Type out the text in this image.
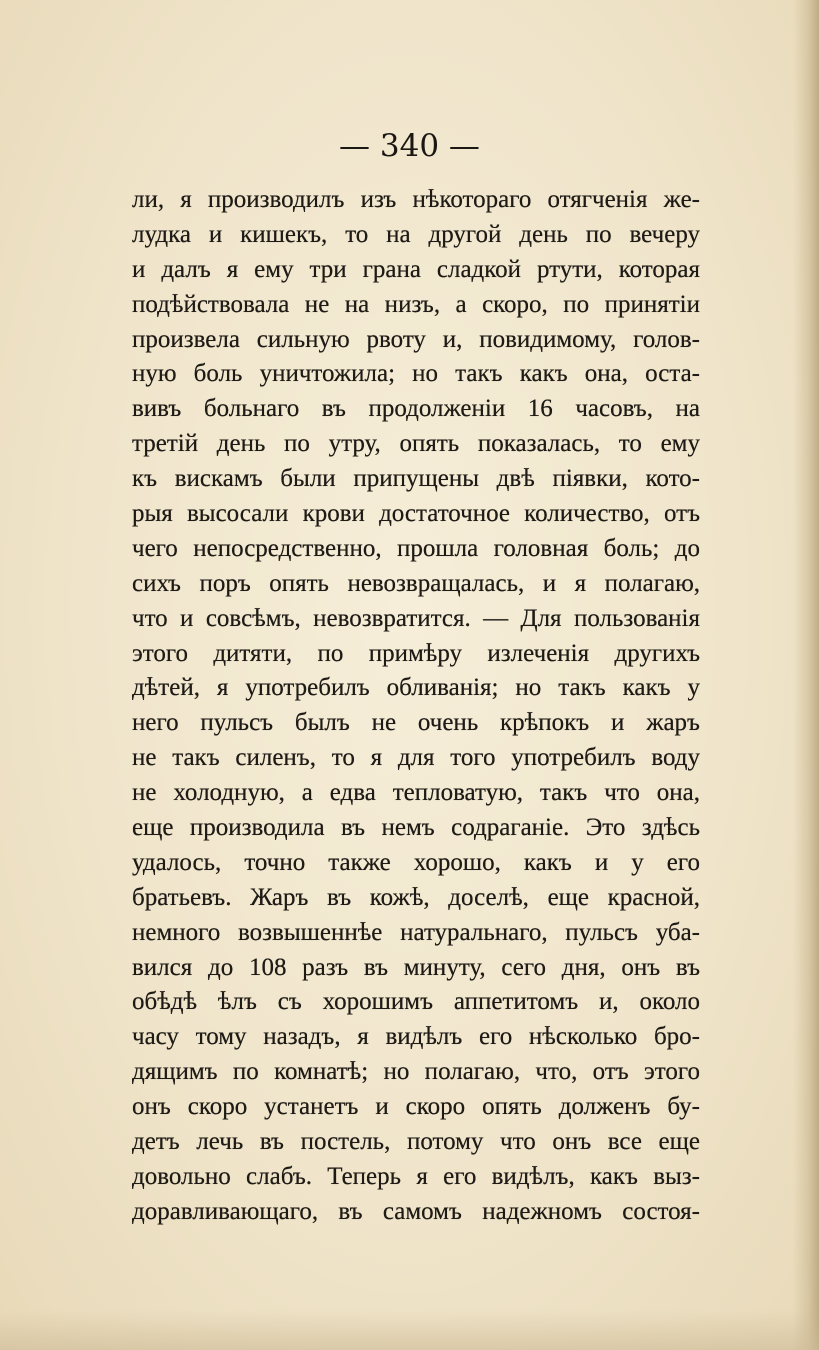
— 340 —
ли, я производилъ изъ нѣкотораго отягченія же-
лудка и кишекъ, то на другой день по вечеру
и далъ я ему три грана сладкой ртути, которая
подѣйствовала не на низъ, а скоро, по принятіи
произвела сильную рвоту и, повидимому, голов-
ную боль уничтожила; но такъ какъ она, оста-
вивъ больнаго въ продолженіи 16 часовъ, на
третій день по утру, опять показалась, то ему
къ вискамъ были припущены двѣ піявки, кото-
рыя высосали крови достаточное количество, отъ
чего непосредственно, прошла головная боль; до
сихъ поръ опять невозвращалась, и я полагаю,
что и совсѣмъ, невозвратится. — Для пользованія
этого дитяти, по примѣру излеченія другихъ
дѣтей, я употребилъ обливанія; но такъ какъ у
него пульсъ былъ не очень крѣпокъ и жаръ
не такъ силенъ, то я для того употребилъ воду
не холодную, а едва тепловатую, такъ что она,
еще производила въ немъ содраганіе. Это здѣсь
удалось, точно также хорошо, какъ и у его
братьевъ. Жаръ въ кожѣ, доселѣ, еще красной,
немного возвышеннѣе натуральнаго, пульсъ уба-
вился до 108 разъ въ минуту, сего дня, онъ въ
обѣдѣ ѣлъ съ хорошимъ аппетитомъ и, около
часу тому назадъ, я видѣлъ его нѣсколько бро-
дящимъ по комнатѣ; но полагаю, что, отъ этого
онъ скоро устанетъ и скоро опять долженъ бу-
детъ лечь въ постель, потому что онъ все еще
довольно слабъ. Теперь я его видѣлъ, какъ выз-
доравливающаго, въ самомъ надежномъ состоя-
